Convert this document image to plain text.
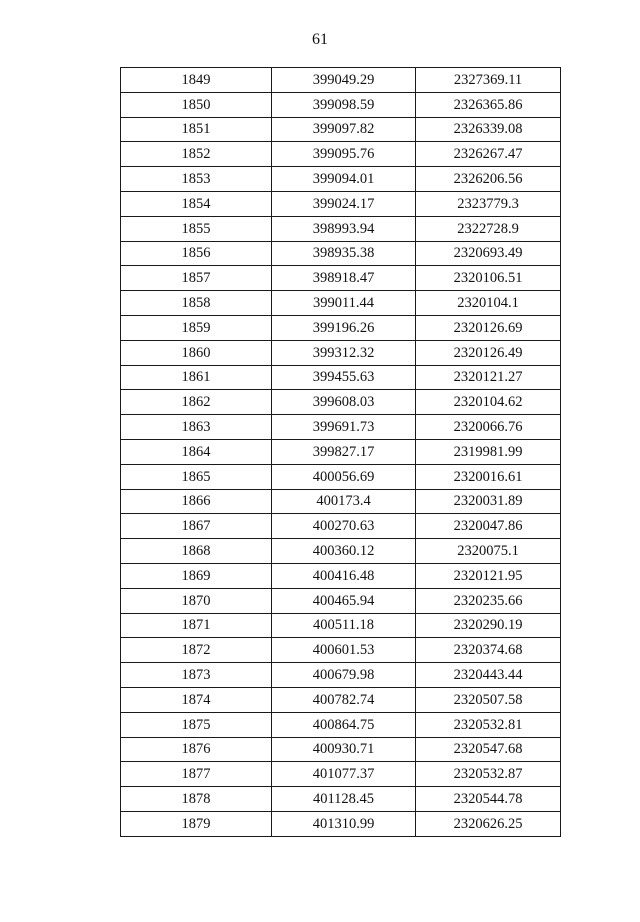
61
1849	399049.29	2327369.11
1850	399098.59	2326365.86
1851	399097.82	2326339.08
1852	399095.76	2326267.47
1853	399094.01	2326206.56
1854	399024.17	2323779.3
1855	398993.94	2322728.9
1856	398935.38	2320693.49
1857	398918.47	2320106.51
1858	399011.44	2320104.1
1859	399196.26	2320126.69
1860	399312.32	2320126.49
1861	399455.63	2320121.27
1862	399608.03	2320104.62
1863	399691.73	2320066.76
1864	399827.17	2319981.99
1865	400056.69	2320016.61
1866	400173.4	2320031.89
1867	400270.63	2320047.86
1868	400360.12	2320075.1
1869	400416.48	2320121.95
1870	400465.94	2320235.66
1871	400511.18	2320290.19
1872	400601.53	2320374.68
1873	400679.98	2320443.44
1874	400782.74	2320507.58
1875	400864.75	2320532.81
1876	400930.71	2320547.68
1877	401077.37	2320532.87
1878	401128.45	2320544.78
1879	401310.99	2320626.25
